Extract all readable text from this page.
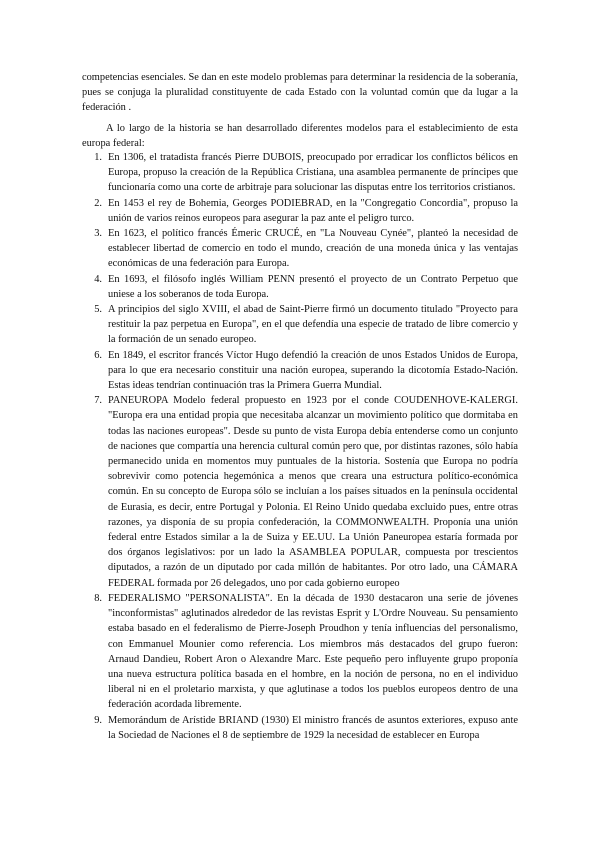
competencias esenciales. Se dan en este modelo problemas para determinar la residencia de la soberanía, pues se conjuga la pluralidad constituyente de cada Estado con la voluntad común que da lugar a la federación .

A lo largo de la historia se han desarrollado diferentes modelos para el establecimiento de esta europa federal:

1. En 1306, el tratadista francés Pierre DUBOIS, preocupado por erradicar los conflictos bélicos en Europa, propuso la creación de la República Cristiana, una asamblea permanente de príncipes que funcionaría como una corte de arbitraje para solucionar las disputas entre los territorios cristianos.
2. En 1453 el rey de Bohemia, Georges PODIEBRAD, en la "Congregatio Concordia", propuso la unión de varios reinos europeos para asegurar la paz ante el peligro turco.
3. En 1623, el político francés Émeric CRUCÉ, en "La Nouveau Cynée", planteó la necesidad de establecer libertad de comercio en todo el mundo, creación de una moneda única y las ventajas económicas de una federación para Europa.
4. En 1693, el filósofo inglés William PENN presentó el proyecto de un Contrato Perpetuo que uniese a los soberanos de toda Europa.
5. A principios del siglo XVIII, el abad de Saint-Pierre firmó un documento titulado "Proyecto para restituir la paz perpetua en Europa", en el que defendía una especie de tratado de libre comercio y la formación de un senado europeo.
6. En 1849, el escritor francés Víctor Hugo defendió la creación de unos Estados Unidos de Europa, para lo que era necesario constituir una nación europea, superando la dicotomía Estado-Nación. Estas ideas tendrían continuación tras la Primera Guerra Mundial.
7. PANEUROPA Modelo federal propuesto en 1923 por el conde COUDENHOVE-KALERGI. "Europa era una entidad propia que necesitaba alcanzar un movimiento político que dormitaba en todas las naciones europeas". Desde su punto de vista Europa debía entenderse como un conjunto de naciones que compartía una herencia cultural común pero que, por distintas razones, sólo había permanecido unida en momentos muy puntuales de la historia. Sostenía que Europa no podría sobrevivir como potencia hegemónica a menos que creara una estructura político-económica común. En su concepto de Europa sólo se incluían a los países situados en la península occidental de Eurasia, es decir, entre Portugal y Polonia. El Reino Unido quedaba excluido pues, entre otras razones, ya disponía de su propia confederación, la COMMONWEALTH. Proponía una unión federal entre Estados similar a la de Suiza y EE.UU. La Unión Paneuropea estaría formada por dos órganos legislativos: por un lado la ASAMBLEA POPULAR, compuesta por trescientos diputados, a razón de un diputado por cada millón de habitantes. Por otro lado, una CÁMARA FEDERAL formada por 26 delegados, uno por cada gobierno europeo
8. FEDERALISMO "PERSONALISTA". En la década de 1930 destacaron una serie de jóvenes "inconformistas" aglutinados alrededor de las revistas Esprit y L'Ordre Nouveau. Su pensamiento estaba basado en el federalismo de Pierre-Joseph Proudhon y tenía influencias del personalismo, con Emmanuel Mounier como referencia. Los miembros más destacados del grupo fueron: Arnaud Dandieu, Robert Aron o Alexandre Marc. Este pequeño pero influyente grupo proponía una nueva estructura política basada en el hombre, en la noción de persona, no en el individuo liberal ni en el proletario marxista, y que aglutinase a todos los pueblos europeos dentro de una federación acordada libremente.
9. Memorándum de Arístide BRIAND (1930) El ministro francés de asuntos exteriores, expuso ante la Sociedad de Naciones el 8 de septiembre de 1929 la necesidad de establecer en Europa
